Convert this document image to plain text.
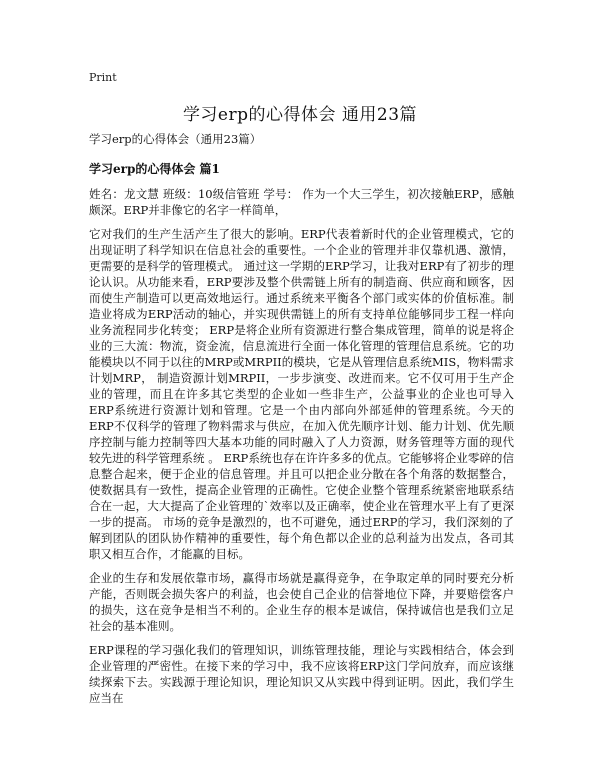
Print
学习erp的心得体会 通用23篇
学习erp的心得体会（通用23篇）
学习erp的心得体会 篇1

姓名：龙文慧 班级：10级信管班 学号： 作为一个大三学生，初次接触ERP，感触颇深。ERP并非像它的名字一样简单，

它对我们的生产生活产生了很大的影响。ERP代表着新时代的企业管理模式，它的出现证明了科学知识在信息社会的重要性。一个企业的管理并非仅靠机遇、激情，更需要的是科学的管理模式。 通过这一学期的ERP学习，让我对ERP有了初步的理论认识。从功能来看，ERP要涉及整个供需链上所有的制造商、供应商和顾客，因而使生产制造可以更高效地运行。通过系统来平衡各个部门或实体的价值标准。制造业将成为ERP活动的轴心，并实现供需链上的所有支持单位能够同步工程一样向业务流程同步化转变； ERP是将企业所有资源进行整合集成管理，简单的说是将企业的三大流：物流，资金流，信息流进行全面一体化管理的管理信息系统。它的功能模块以不同于以往的MRP或MRPII的模块，它是从管理信息系统MIS，物料需求计划MRP， 制造资源计划MRPII，一步步演变、改进而来。它不仅可用于生产企业的管理，而且在许多其它类型的企业如一些非生产，公益事业的企业也可导入ERP系统进行资源计划和管理。它是一个由内部向外部延伸的管理系统。今天的ERP不仅科学的管理了物料需求与供应，在加入优先顺序计划、能力计划、优先顺序控制与能力控制等四大基本功能的同时融入了人力资源，财务管理等方面的现代较先进的科学管理系统 。 ERP系统也存在许许多多的优点。它能够将企业零碎的信息整合起来，便于企业的信息管理。并且可以把企业分散在各个角落的数据整合，使数据具有一致性，提高企业管理的正确性。它使企业整个管理系统紧密地联系结合在一起，大大提高了企业管理的`效率以及正确率，使企业在管理水平上有了更深一步的提高。 市场的竞争是激烈的，也不可避免，通过ERP的学习，我们深刻的了解到团队的团队协作精神的重要性，每个角色都以企业的总利益为出发点，各司其职又相互合作，才能赢的目标。

企业的生存和发展依靠市场，赢得市场就是赢得竞争，在争取定单的同时要充分析产能，否则既会损失客户的利益，也会使自己企业的信誉地位下降，并要赔偿客户的损失，这在竞争是相当不利的。企业生存的根本是诚信，保持诚信也是我们立足社会的基本准则。

ERP课程的学习强化我们的管理知识，训练管理技能，理论与实践相结合，体会到企业管理的严密性。在接下来的学习中，我不应该将ERP这门学问放弃，而应该继续探索下去。实践源于理论知识，理论知识又从实践中得到证明。因此，我们学生应当在
